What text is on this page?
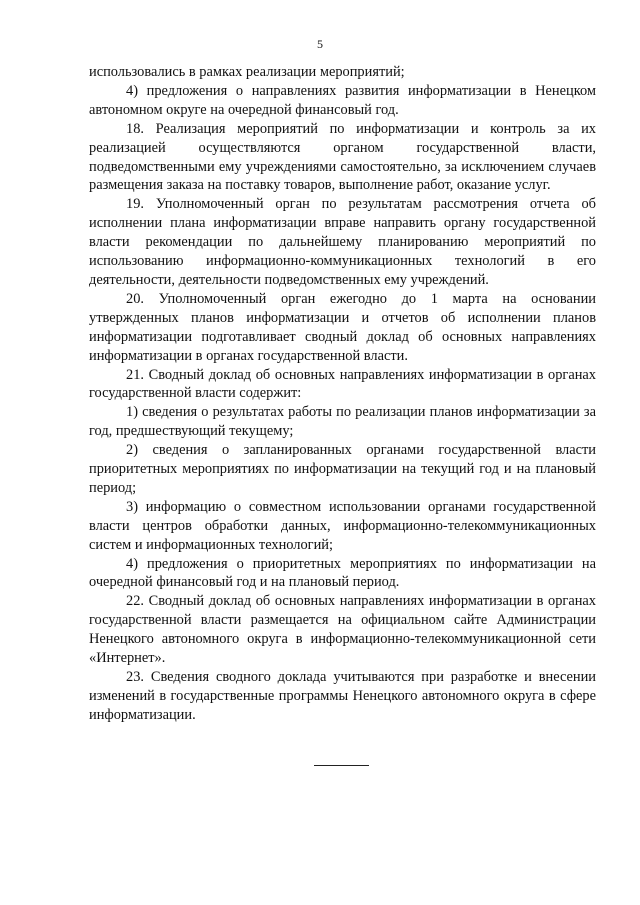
5

использовались в рамках реализации мероприятий;

4) предложения о направлениях развития информатизации в Ненецком автономном округе на очередной финансовый год.

18. Реализация мероприятий по информатизации и контроль за их реализацией осуществляются органом государственной власти, подведомственными ему учреждениями самостоятельно, за исключением случаев размещения заказа на поставку товаров, выполнение работ, оказание услуг.

19. Уполномоченный орган по результатам рассмотрения отчета об исполнении плана информатизации вправе направить органу государственной власти рекомендации по дальнейшему планированию мероприятий по использованию информационно-коммуникационных технологий в его деятельности, деятельности подведомственных ему учреждений.

20. Уполномоченный орган ежегодно до 1 марта на основании утвержденных планов информатизации и отчетов об исполнении планов информатизации подготавливает сводный доклад об основных направлениях информатизации в органах государственной власти.

21. Сводный доклад об основных направлениях информатизации в органах государственной власти содержит:

1) сведения о результатах работы по реализации планов информатизации за год, предшествующий текущему;

2) сведения о запланированных органами государственной власти приоритетных мероприятиях по информатизации на текущий год и на плановый период;

3) информацию о совместном использовании органами государственной власти центров обработки данных, информационно-телекоммуникационных систем и информационных технологий;

4) предложения о приоритетных мероприятиях по информатизации на очередной финансовый год и на плановый период.

22. Сводный доклад об основных направлениях информатизации в органах государственной власти размещается на официальном сайте Администрации Ненецкого автономного округа в информационно-телекоммуникационной сети «Интернет».

23. Сведения сводного доклада учитываются при разработке и внесении изменений в государственные программы Ненецкого автономного округа в сфере информатизации.
